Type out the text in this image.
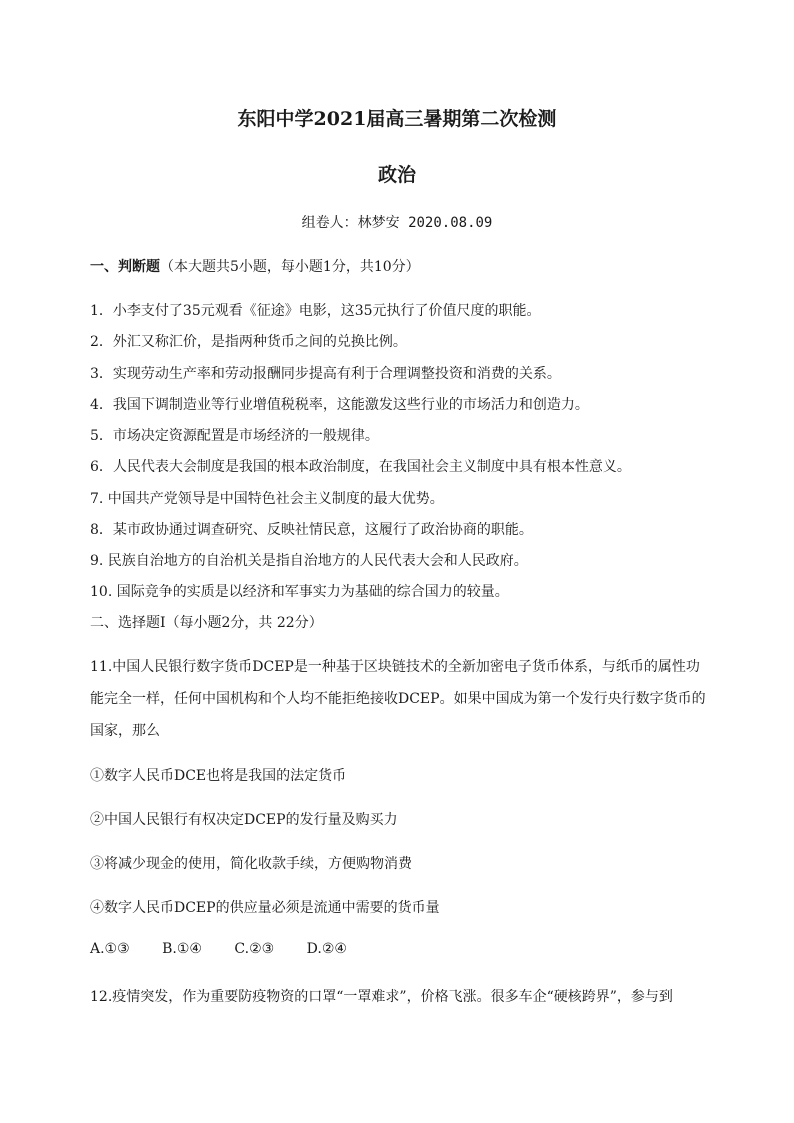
东阳中学2021届高三暑期第二次检测
政治
组卷人：林梦安 2020.08.09
一、判断题（本大题共5小题，每小题1分，共10分）
1．小李支付了35元观看《征途》电影，这35元执行了价值尺度的职能。
2．外汇又称汇价，是指两种货币之间的兑换比例。
3．实现劳动生产率和劳动报酬同步提高有利于合理调整投资和消费的关系。
4．我国下调制造业等行业增值税税率，这能激发这些行业的市场活力和创造力。
5．市场决定资源配置是市场经济的一般规律。
6．人民代表大会制度是我国的根本政治制度，在我国社会主义制度中具有根本性意义。
7. 中国共产党领导是中国特色社会主义制度的最大优势。
8．某市政协通过调查研究、反映社情民意，这履行了政治协商的职能。
9. 民族自治地方的自治机关是指自治地方的人民代表大会和人民政府。
10. 国际竞争的实质是以经济和军事实力为基础的综合国力的较量。
二、选择题Ⅰ（每小题2分，共 22分）
11.中国人民银行数字货币DCEP是一种基于区块链技术的全新加密电子货币体系，与纸币的属性功
能完全一样，任何中国机构和个人均不能拒绝接收DCEP。如果中国成为第一个发行央行数字货币的
国家，那么
①数字人民币DCE也将是我国的法定货币
②中国人民银行有权决定DCEP的发行量及购买力
③将减少现金的使用，简化收款手续，方便购物消费
④数字人民币DCEP的供应量必须是流通中需要的货币量
A.①③ B.①④ C.②③ D.②④
12.疫情突发，作为重要防疫物资的口罩“一罩难求”，价格飞涨。很多车企“硬核跨界”，参与到
